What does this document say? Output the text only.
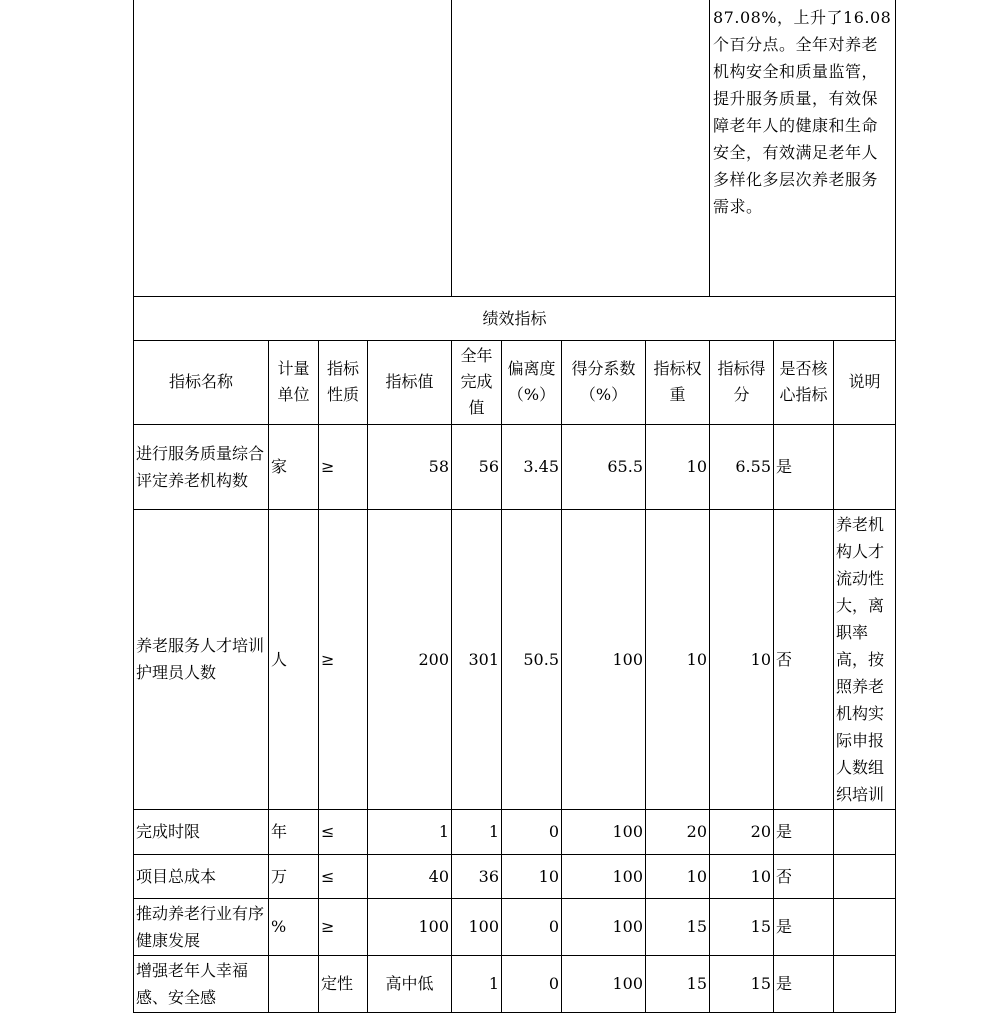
								87.08%，上升了16.08个百分点。全年对养老机构安全和质量监管，提升服务质量，有效保障老年人的健康和生命安全，有效满足老年人多样化多层次养老服务需求。		
绩效指标										
指标名称	计量单位	指标性质	指标值	全年完成值	偏离度（%）	得分系数（%）	指标权重	指标得分	是否核心指标	说明
进行服务质量综合评定养老机构数	家	≥	58	56	3.45	65.5	10	6.55	是	
养老服务人才培训护理员人数	人	≥	200	301	50.5	100	10	10	否	养老机构人才流动性大，离职率高，按照养老机构实际申报人数组织培训
完成时限	年	≤	1	1	0	100	20	20	是	
项目总成本	万	≤	40	36	10	100	10	10	否	
推动养老行业有序健康发展	%	≥	100	100	0	100	15	15	是	
增强老年人幸福感、安全感		定性	高中低	1	0	100	15	15	是	
